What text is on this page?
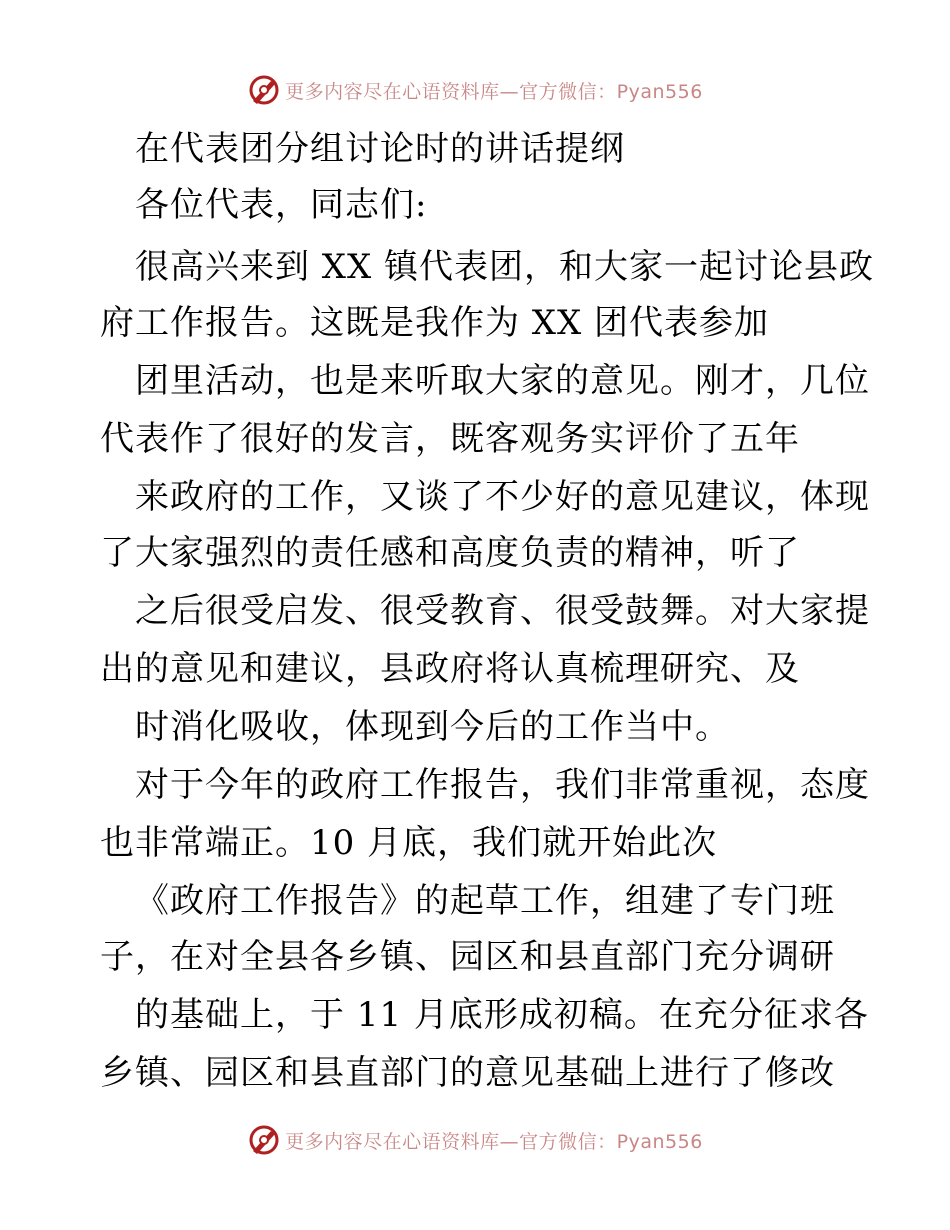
更多内容尽在心语资料库—官方微信：Pyan556
在代表团分组讨论时的讲话提纲
各位代表，同志们:
很高兴来到 XX 镇代表团，和大家一起讨论县政
府工作报告。这既是我作为 XX 团代表参加
团里活动，也是来听取大家的意见。刚才，几位
代表作了很好的发言，既客观务实评价了五年
来政府的工作，又谈了不少好的意见建议，体现
了大家强烈的责任感和高度负责的精神，听了
之后很受启发、很受教育、很受鼓舞。对大家提
出的意见和建议，县政府将认真梳理研究、及
时消化吸收，体现到今后的工作当中。
对于今年的政府工作报告，我们非常重视，态度
也非常端正。10 月底，我们就开始此次
《政府工作报告》的起草工作，组建了专门班
子，在对全县各乡镇、园区和县直部门充分调研
的基础上，于 11 月底形成初稿。在充分征求各
乡镇、园区和县直部门的意见基础上进行了修改
更多内容尽在心语资料库—官方微信：Pyan556
